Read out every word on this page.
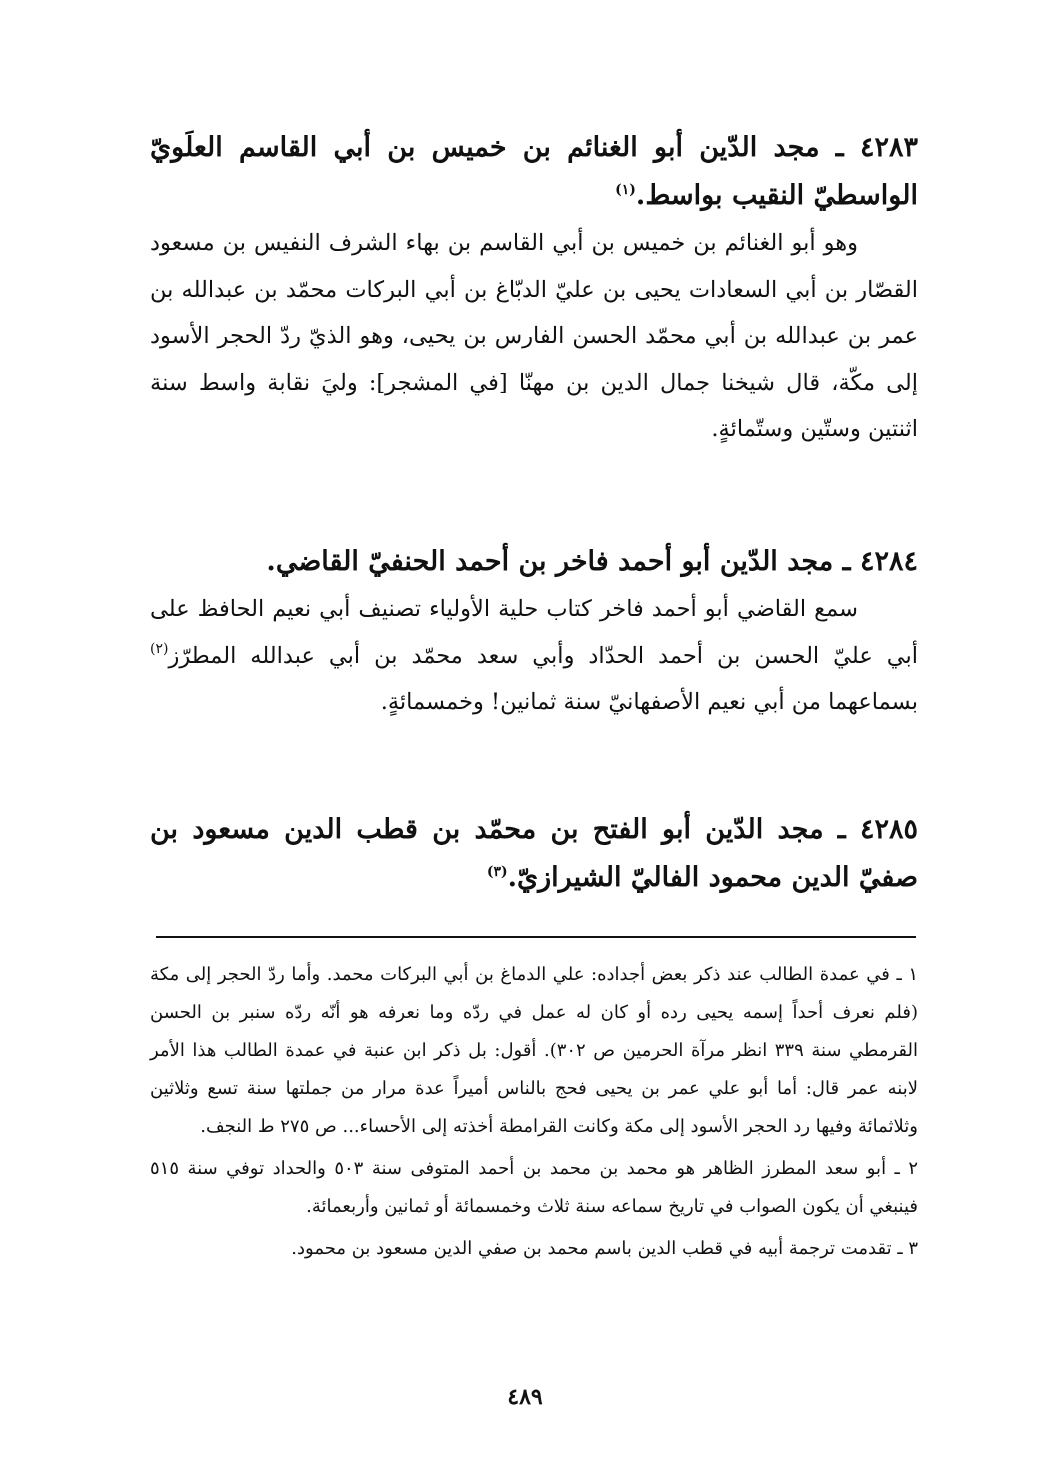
٤٢٨٣ ـ مجد الدّين أبو الغنائم بن خميس بن أبي القاسم العلَويّ الواسطيّ النقيب بواسط.$^{(١)}$

وهو أبو الغنائم بن خميس بن أبي القاسم بن بهاء الشرف النفيس بن مسعود القصّار بن أبي السعادات يحيى بن عليّ الدبّاغ بن أبي البركات محمّد بن عبدالله بن عمر بن عبدالله بن أبي محمّد الحسن الفارس بن يحيى، وهو الذيّ ردّ الحجر الأسود إلى مكّة، قال شيخنا جمال الدين بن مهنّا [في المشجر]: وليَ نقابة واسط سنة اثنتين وستّين وستّمائةٍ.

٤٢٨٤ ـ مجد الدّين أبو أحمد فاخر بن أحمد الحنفيّ القاضي.

سمع القاضي أبو أحمد فاخر كتاب حلية الأولياء تصنيف أبي نعيم الحافظ على أبي عليّ الحسن بن أحمد الحدّاد وأبي سعد محمّد بن أبي عبدالله المطرّز$^{(٢)}$ بسماعهما من أبي نعيم الأصفهانيّ سنة ثمانين! وخمسمائةٍ.

٤٢٨٥ ـ مجد الدّين أبو الفتح بن محمّد بن قطب الدين مسعود بن صفيّ الدين محمود الفاليّ الشيرازيّ.$^{(٣)}$

١ ـ في عمدة الطالب عند ذكر بعض أجداده: علي الدماغ بن أبي البركات محمد. وأما ردّ الحجر إلى مكة (فلم نعرف أحداً إسمه يحيى رده أو كان له عمل في ردّه وما نعرفه هو أنّه ردّه سنبر بن الحسن القرمطي سنة ٣٣٩ انظر مرآة الحرمين ص ٣٠٢). أقول: بل ذكر ابن عنبة في عمدة الطالب هذا الأمر لابنه عمر قال: أما أبو علي عمر بن يحيى فحج بالناس أميراً عدة مرار من جملتها سنة تسع وثلاثين وثلاثمائة وفيها رد الحجر الأسود إلى مكة وكانت القرامطة أخذته إلى الأحساء... ص ٢٧٥ ط النجف.

٢ ـ أبو سعد المطرز الظاهر هو محمد بن محمد بن أحمد المتوفى سنة ٥٠٣ والحداد توفي سنة ٥١٥ فينبغي أن يكون الصواب في تاريخ سماعه سنة ثلاث وخمسمائة أو ثمانين وأربعمائة.

٣ ـ تقدمت ترجمة أبيه في قطب الدين باسم محمد بن صفي الدين مسعود بن محمود.

٤٨٩
